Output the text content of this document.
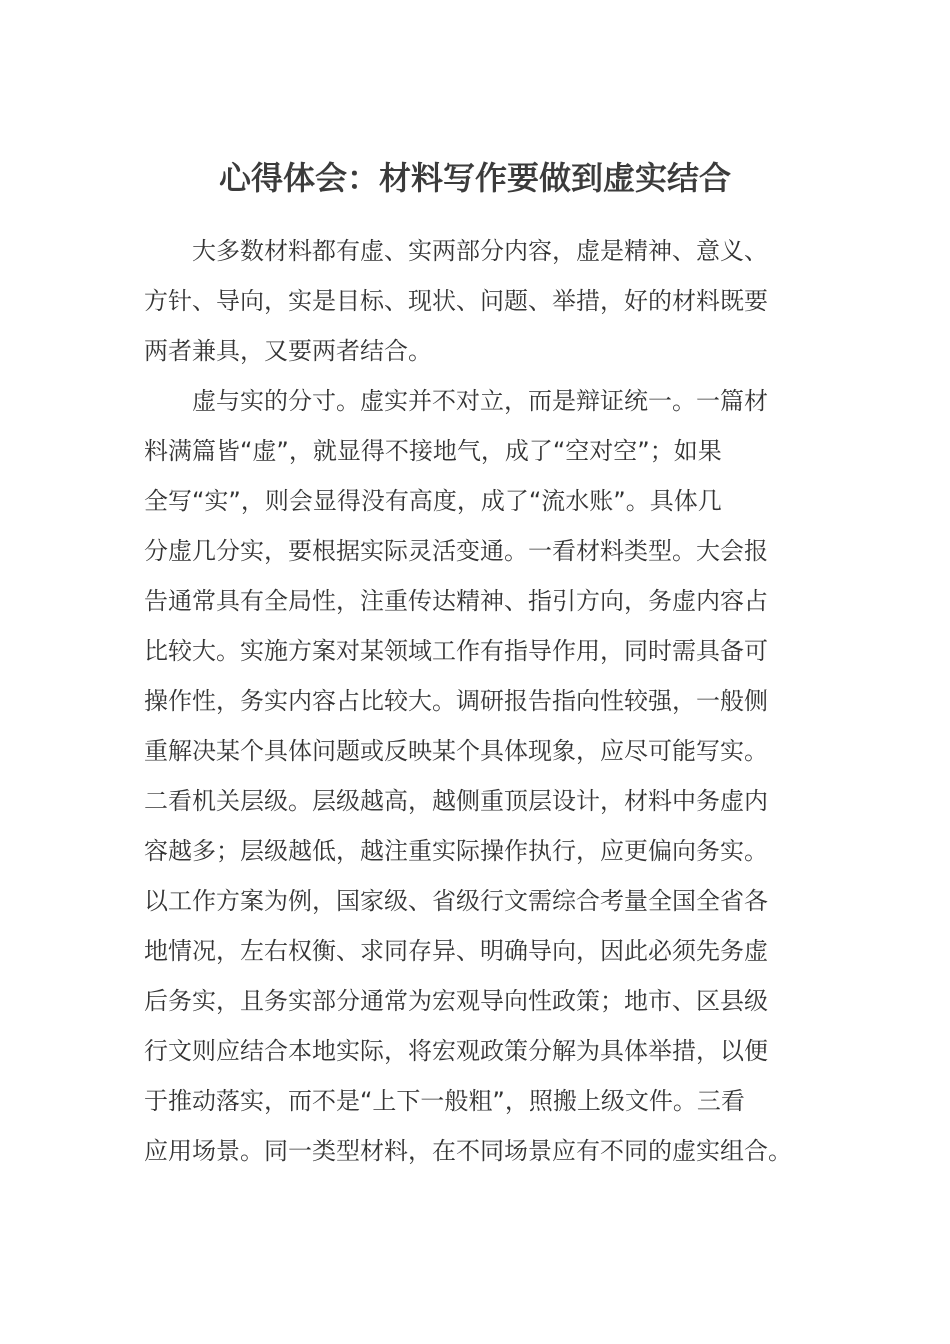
心得体会：材料写作要做到虚实结合
大多数材料都有虚、实两部分内容，虚是精神、意义、
方针、导向，实是目标、现状、问题、举措，好的材料既要
两者兼具，又要两者结合。
虚与实的分寸。虚实并不对立，而是辩证统一。一篇材
料满篇皆“虚”，就显得不接地气，成了“空对空”；如果
全写“实”，则会显得没有高度，成了“流水账”。具体几
分虚几分实，要根据实际灵活变通。一看材料类型。大会报
告通常具有全局性，注重传达精神、指引方向，务虚内容占
比较大。实施方案对某领域工作有指导作用，同时需具备可
操作性，务实内容占比较大。调研报告指向性较强，一般侧
重解决某个具体问题或反映某个具体现象，应尽可能写实。
二看机关层级。层级越高，越侧重顶层设计，材料中务虚内
容越多；层级越低，越注重实际操作执行，应更偏向务实。
以工作方案为例，国家级、省级行文需综合考量全国全省各
地情况，左右权衡、求同存异、明确导向，因此必须先务虚
后务实，且务实部分通常为宏观导向性政策；地市、区县级
行文则应结合本地实际，将宏观政策分解为具体举措，以便
于推动落实，而不是“上下一般粗”，照搬上级文件。三看
应用场景。同一类型材料，在不同场景应有不同的虚实组合。
